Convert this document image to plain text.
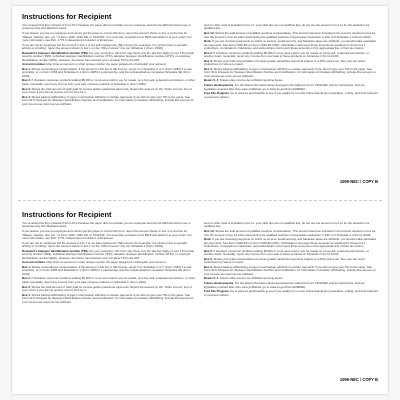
Instructions for Recipient

You received this form instead of Form W-2 because the payer did not consider you an employee and did not withhold income tax or social security and Medicare taxes.

If you believe you are an employee and cannot get the payer to correct this form, report the amount shown in box 1 on the line for "Wages, salaries, tips, etc." of Form 1040, 1040-SR, or 1040-NR. You must also complete Form 8919 and attach it to your return. For more information, see Pub. 1779, Independent Contractor or Employee.

If you are not an employee but the amount in box 1 is not self-employment (SE) income (for example, it is income from a sporadic activity or a hobby), report the amount shown in box 1 on the "Other income" line (on Schedule 1 (Form 1040)).

Recipient's taxpayer identification number (TIN). For your protection, this form may show only the last four digits of your TIN (social security number (SSN), individual taxpayer identification number (ITIN), adoption taxpayer identification number (ATIN), or employer identification number (EIN)). However, the issuer has reported your complete TIN to the IRS.

Account number. May show an account or other unique number the payer assigned to distinguish your account.

Box 1. Shows nonemployee compensation. If the amount in this box is SE income, report it on Schedule C or F (Form 1040) if a sole proprietor, or on Form 1065 and Schedule K-1 (Form 1065) if a partnership, and the recipient/partner completes Schedule SE (Form 1040).

Box 2. If checked, consumer products totaling $5,000 or more were sold to you for resale, on a buy-sell, a deposit-commission, or other basis. Generally, report any income from your sale of these products on Schedule C (Form 1040).

Box 3. Shows the total amount of cash paid for excess golden parachute payments. Report the amount on the "Other income" line of your return if you did not receive a Form W-2 for it.

Box 4. Shows backup withholding. A payer must backup withhold on certain payments if you did not give your TIN to the payer. See Form W-9, Request for Taxpayer Identification Number and Certification, for information on backup withholding. Include this amount on your income tax return as tax withheld.

and on other code is included in box 1c: your cash tips are not qualified tips; do not use the amount in box 1c for the deduction for qualified tips.

Box 1d. Shows the total amount of qualified overtime compensation. This amount has been included in the amount reported in box 1a. Use the amount in box 1d when determining the qualified overtime compensation deduction in Part II of Schedule 1-A (Form 1040).

Note: If you are receiving payments on which no income, social security, and Medicare taxes are withheld, you should make estimated tax payments. See Form 1040-ES (or Form 1040-ES (NR)). Individuals must report these amounts as explained in these box 1 instructions. Corporations, fiduciaries, and partnerships must report these amounts on the appropriate line of their tax returns.

Box 2. If checked, consumer products totaling $5,000 or more were sold to you for resale on a buy-sell, a deposit-commission, or another basis. Generally, report any income from your sale of these products on Schedule C (Form 1040).

Box 3. Shows your total compensation of excess golden parachute payments subject to a 20% excise tax. See your tax return instructions for where to report.

Box 4. Shows backup withholding. A payer must backup withhold on certain payments if you did not give your TIN to the payer. See Form W-9, Request for Taxpayer Identification Number and Certification, for information on backup withholding. Include this amount on your income tax return as tax withheld.

Boxes 5–7. Shows state income tax withheld reporting boxes.

Future developments. For the latest information about developments related to Form 1099-NEC and its instructions, such as legislation enacted after they were published, go to www.irs.gov/Form1099NEC.

Free File Program. Go to www.irs.gov/FreeFile to see if you qualify for no-cost online federal tax preparation, e-filing, and direct deposit or payment options.

1099-NEC / COPY B
Instructions for Recipient

You received this form instead of Form W-2 because the payer did not consider you an employee and did not withhold income tax or social security and Medicare taxes.

If you believe you are an employee and cannot get the payer to correct this form, report the amount shown in box 1 on the line for "Wages, salaries, tips, etc." of Form 1040, 1040-SR, or 1040-NR. You must also complete Form 8919 and attach it to your return. For more information, see Pub. 1779, Independent Contractor or Employee.

If you are not an employee but the amount in box 1 is not self-employment (SE) income (for example, it is income from a sporadic activity or a hobby), report the amount shown in box 1 on the "Other income" line (on Schedule 1 (Form 1040)).

Recipient's taxpayer identification number (TIN). For your protection, this form may show only the last four digits of your TIN (social security number (SSN), individual taxpayer identification number (ITIN), adoption taxpayer identification number (ATIN), or employer identification number (EIN)). However, the issuer has reported your complete TIN to the IRS.

Account number. May show an account or other unique number the payer assigned to distinguish your account.

Box 1. Shows nonemployee compensation. If the amount in this box is SE income, report it on Schedule C or F (Form 1040) if a sole proprietor, or on Form 1065 and Schedule K-1 (Form 1065) if a partnership, and the recipient/partner completes Schedule SE (Form 1040).

Box 2. If checked, consumer products totaling $5,000 or more were sold to you for resale, on a buy-sell, a deposit-commission, or other basis. Generally, report any income from your sale of these products on Schedule C (Form 1040).

Box 3. Shows the total amount of cash paid for excess golden parachute payments. Report the amount on the "Other income" line of your return if you did not receive a Form W-2 for it.

Box 4. Shows backup withholding. A payer must backup withhold on certain payments if you did not give your TIN to the payer. See Form W-9, Request for Taxpayer Identification Number and Certification, for information on backup withholding. Include this amount on your income tax return as tax withheld.

and on other code is included in box 1c: your cash tips are not qualified tips; do not use the amount in box 1c for the deduction for qualified tips.

Box 1d. Shows the total amount of qualified overtime compensation. This amount has been included in the amount reported in box 1a. Use the amount in box 1d when determining the qualified overtime compensation deduction in Part II of Schedule 1-A (Form 1040).

Note: If you are receiving payments on which no income, social security, and Medicare taxes are withheld, you should make estimated tax payments. See Form 1040-ES (or Form 1040-ES (NR)). Individuals must report these amounts as explained in these box 1 instructions. Corporations, fiduciaries, and partnerships must report these amounts on the appropriate line of their tax returns.

Box 2. If checked, consumer products totaling $5,000 or more were sold to you for resale on a buy-sell, a deposit-commission, or another basis. Generally, report any income from your sale of these products on Schedule C (Form 1040).

Box 3. Shows your total compensation of excess golden parachute payments subject to a 20% excise tax. See your tax return instructions for where to report.

Box 4. Shows backup withholding. A payer must backup withhold on certain payments if you did not give your TIN to the payer. See Form W-9, Request for Taxpayer Identification Number and Certification, for information on backup withholding. Include this amount on your income tax return as tax withheld.

Boxes 5–7. Shows state income tax withheld reporting boxes.

Future developments. For the latest information about developments related to Form 1099-NEC and its instructions, such as legislation enacted after they were published, go to www.irs.gov/Form1099NEC.

Free File Program. Go to www.irs.gov/FreeFile to see if you qualify for no-cost online federal tax preparation, e-filing, and direct deposit or payment options.

1099-NEC / COPY B
